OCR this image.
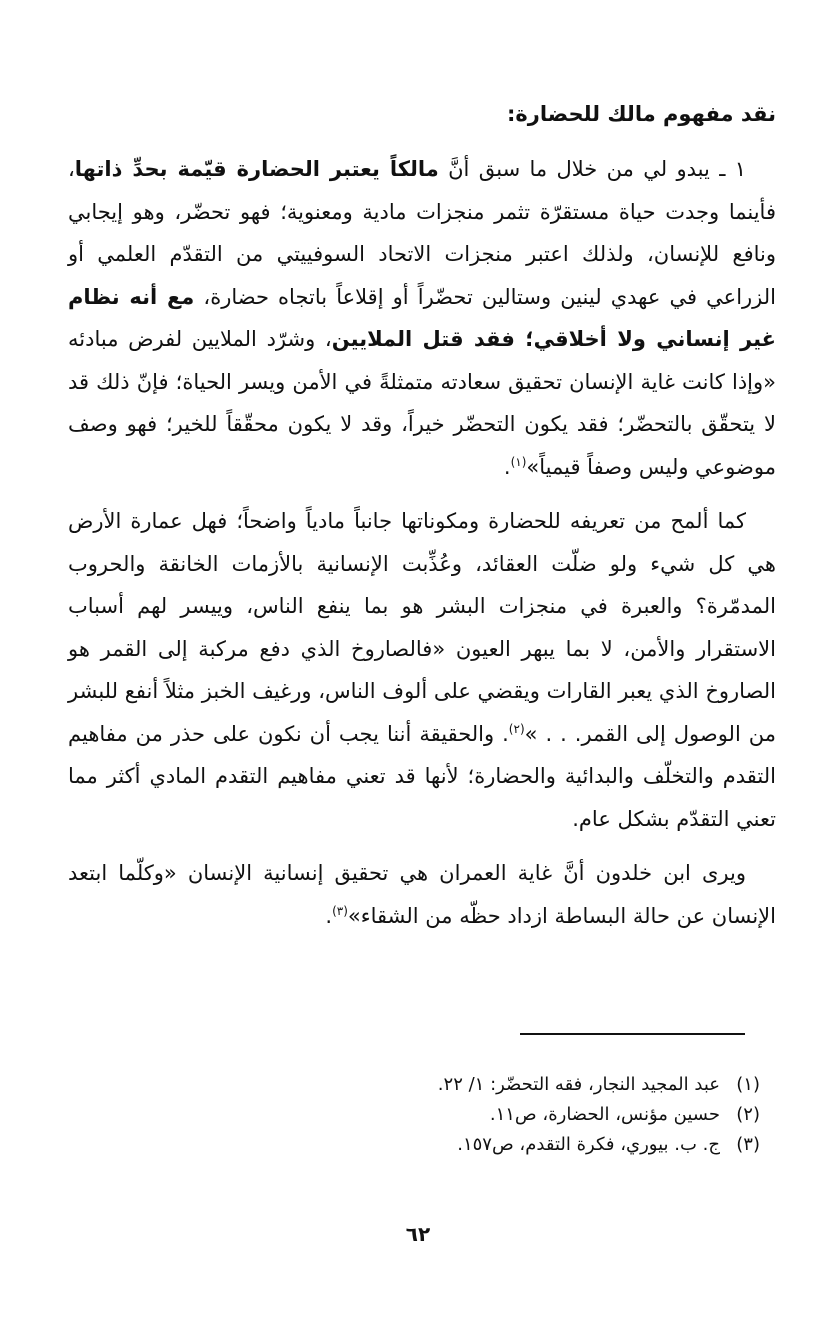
نقد مفهوم مالك للحضارة:

١ ـ يبدو لي من خلال ما سبق أنَّ مالكاً يعتبر الحضارة قيّمة بحدِّ ذاتها، فأينما وجدت حياة مستقرّة تثمر منجزات مادية ومعنوية؛ فهو تحضّر، وهو إيجابي ونافع للإنسان، ولذلك اعتبر منجزات الاتحاد السوفييتي من التقدّم العلمي أو الزراعي في عهدي لينين وستالين تحضّراً أو إقلاعاً باتجاه حضارة، مع أنه نظام غير إنساني ولا أخلاقي؛ فقد قتل الملايين، وشرّد الملايين لفرض مبادئه «وإذا كانت غاية الإنسان تحقيق سعادته متمثلةً في الأمن ويسر الحياة؛ فإنّ ذلك قد لا يتحقّق بالتحضّر؛ فقد يكون التحضّر خيراً، وقد لا يكون محقّقاً للخير؛ فهو وصف موضوعي وليس وصفاً قيمياً»$^{(١)}$.

كما ألمح من تعريفه للحضارة ومكوناتها جانباً مادياً واضحاً؛ فهل عمارة الأرض هي كل شيء ولو ضلّت العقائد، وعُذِّبت الإنسانية بالأزمات الخانقة والحروب المدمّرة؟ والعبرة في منجزات البشر هو بما ينفع الناس، وييسر لهم أسباب الاستقرار والأمن، لا بما يبهر العيون «فالصاروخ الذي دفع مركبة إلى القمر هو الصاروخ الذي يعبر القارات ويقضي على ألوف الناس، ورغيف الخبز مثلاً أنفع للبشر من الوصول إلى القمر. . . »$^{(٢)}$. والحقيقة أننا يجب أن نكون على حذر من مفاهيم التقدم والتخلّف والبدائية والحضارة؛ لأنها قد تعني مفاهيم التقدم المادي أكثر مما تعني التقدّم بشكل عام.

ويرى ابن خلدون أنَّ غاية العمران هي تحقيق إنسانية الإنسان «وكلّما ابتعد الإنسان عن حالة البساطة ازداد حظّه من الشقاء»$^{(٣)}$.

(١)
عبد المجيد النجار، فقه التحضّر: ١/ ٢٢.
(٢)
حسين مؤنس، الحضارة، ص١١.
(٣)
ج. ب. بيوري، فكرة التقدم، ص١٥٧.
٦٢
